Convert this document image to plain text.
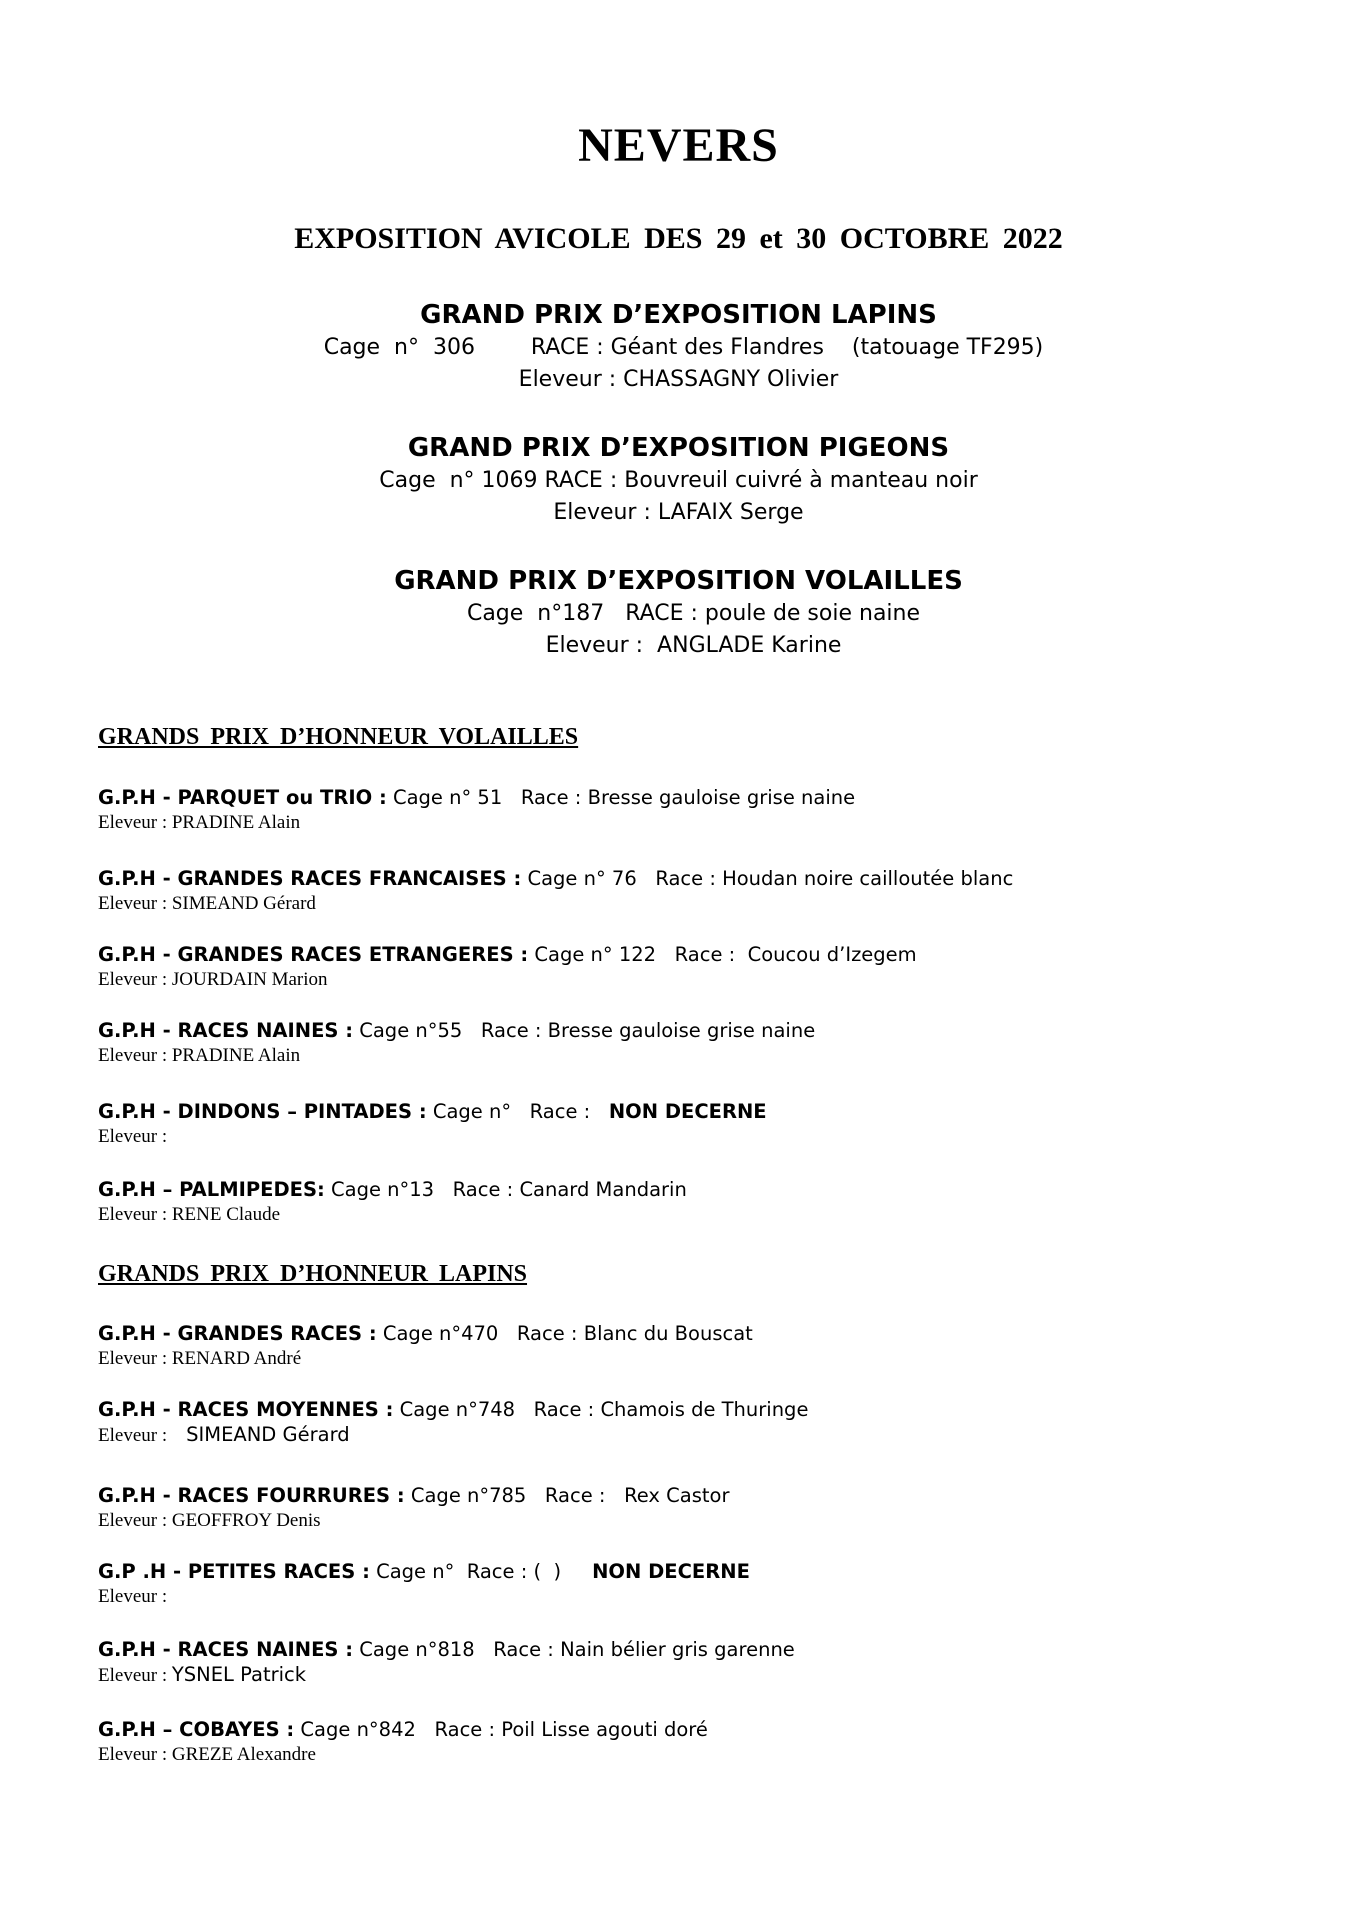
NEVERS
EXPOSITION AVICOLE DES 29 et 30 OCTOBRE 2022
GRAND PRIX D’EXPOSITION LAPINS
Cage  n°  306        RACE : Géant des Flandres    (tatouage TF295)
Eleveur : CHASSAGNY Olivier
GRAND PRIX D’EXPOSITION PIGEONS
Cage  n° 1069 RACE : Bouvreuil cuivré à manteau noir
Eleveur : LAFAIX Serge
GRAND PRIX D’EXPOSITION VOLAILLES
Cage  n°187   RACE : poule de soie naine
Eleveur :  ANGLADE Karine
GRANDS PRIX D’HONNEUR VOLAILLES
G.P.H - PARQUET ou TRIO : Cage n° 51   Race : Bresse gauloise grise naine
Eleveur : PRADINE Alain
G.P.H - GRANDES RACES FRANCAISES : Cage n° 76   Race : Houdan noire cailloutée blanc
Eleveur : SIMEAND Gérard
G.P.H - GRANDES RACES ETRANGERES : Cage n° 122   Race :  Coucou d’Izegem
Eleveur : JOURDAIN Marion
G.P.H - RACES NAINES : Cage n°55   Race : Bresse gauloise grise naine
Eleveur : PRADINE Alain
G.P.H - DINDONS – PINTADES : Cage n°   Race :   NON DECERNE
Eleveur :
G.P.H – PALMIPEDES: Cage n°13   Race : Canard Mandarin
Eleveur : RENE Claude
GRANDS PRIX D’HONNEUR LAPINS
G.P.H - GRANDES RACES : Cage n°470   Race : Blanc du Bouscat
Eleveur : RENARD André
G.P.H - RACES MOYENNES : Cage n°748   Race : Chamois de Thuringe
Eleveur :    SIMEAND Gérard
G.P.H - RACES FOURRURES : Cage n°785   Race :   Rex Castor
Eleveur : GEOFFROY Denis
G.P .H - PETITES RACES : Cage n°  Race : (  )     NON DECERNE
Eleveur :
G.P.H - RACES NAINES : Cage n°818   Race : Nain bélier gris garenne
Eleveur : YSNEL Patrick
G.P.H – COBAYES : Cage n°842   Race : Poil Lisse agouti doré
Eleveur : GREZE Alexandre
